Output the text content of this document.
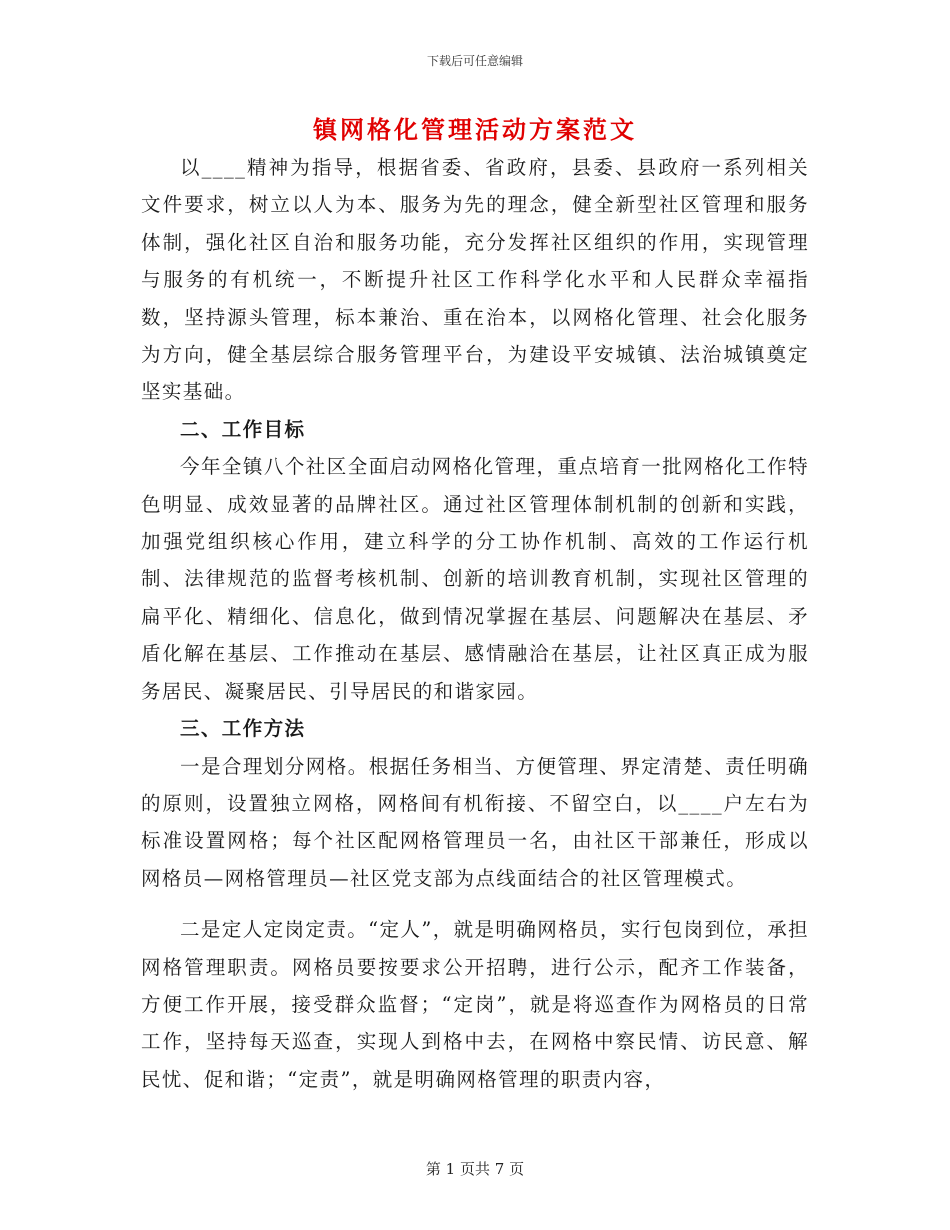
下载后可任意编辑
镇网格化管理活动方案范文

以____精神为指导，根据省委、省政府，县委、县政府一系列相关文件要求，树立以人为本、服务为先的理念，健全新型社区管理和服务体制，强化社区自治和服务功能，充分发挥社区组织的作用，实现管理与服务的有机统一，不断提升社区工作科学化水平和人民群众幸福指数，坚持源头管理，标本兼治、重在治本，以网格化管理、社会化服务为方向，健全基层综合服务管理平台，为建设平安城镇、法治城镇奠定坚实基础。

二、工作目标

今年全镇八个社区全面启动网格化管理，重点培育一批网格化工作特色明显、成效显著的品牌社区。通过社区管理体制机制的创新和实践，加强党组织核心作用，建立科学的分工协作机制、高效的工作运行机制、法律规范的监督考核机制、创新的培训教育机制，实现社区管理的扁平化、精细化、信息化，做到情况掌握在基层、问题解决在基层、矛盾化解在基层、工作推动在基层、感情融洽在基层，让社区真正成为服务居民、凝聚居民、引导居民的和谐家园。

三、工作方法

一是合理划分网格。根据任务相当、方便管理、界定清楚、责任明确的原则，设置独立网格，网格间有机衔接、不留空白，以____户左右为标准设置网格；每个社区配网格管理员一名，由社区干部兼任，形成以网格员—网格管理员—社区党支部为点线面结合的社区管理模式。

二是定人定岗定责。“定人”，就是明确网格员，实行包岗到位，承担网格管理职责。网格员要按要求公开招聘，进行公示，配齐工作装备，方便工作开展，接受群众监督；“定岗”，就是将巡查作为网格员的日常工作，坚持每天巡查，实现人到格中去，在网格中察民情、访民意、解民忧、促和谐；“定责”，就是明确网格管理的职责内容，

第 1 页共 7 页
